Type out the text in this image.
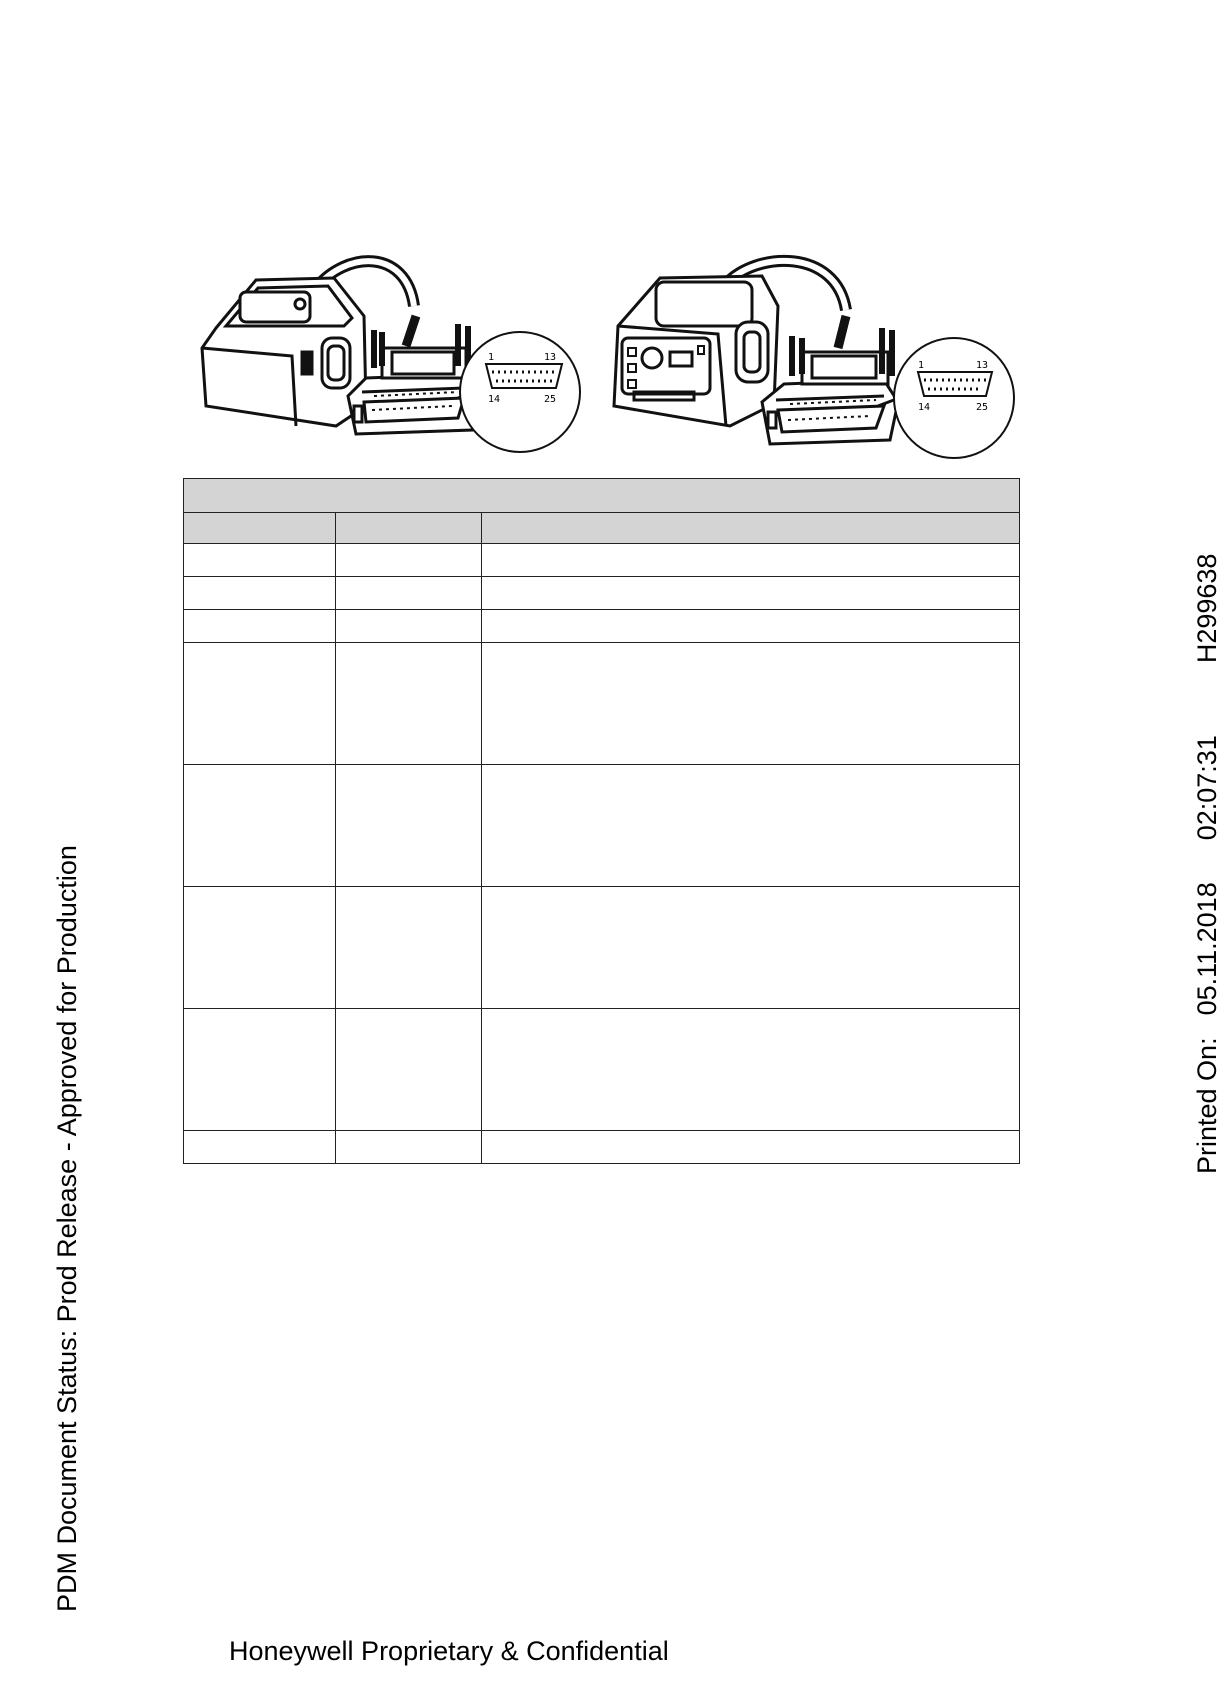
1	13
14	25
1	13
14	25

PDM Document Status: Prod Release - Approved for Production	Printed On:05.11.201802:07:31H299638
Honeywell Proprietary & Confidential
